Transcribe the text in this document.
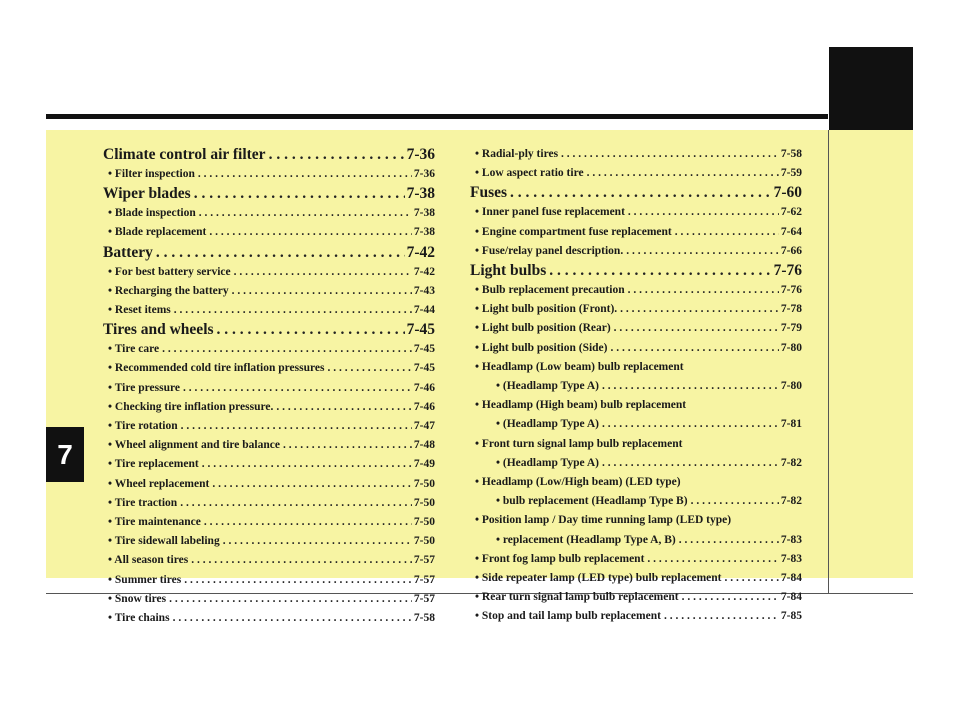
7
Climate control air filter . . .	7-36
• Filter inspection . . .	7-36
Wiper blades . . .	7-38
• Blade inspection . . .	7-38
• Blade replacement . . .	7-38
Battery . . .	7-42
• For best battery service . . .	7-42
• Recharging the battery . . .	7-43
• Reset items . . .	7-44
Tires and wheels . . .	7-45
• Tire care . . .	7-45
• Recommended cold tire inflation pressures . . .	7-45
• Tire pressure . . .	7-46
• Checking tire inflation pressure. . . .	7-46
• Tire rotation . . .	7-47
• Wheel alignment and tire balance . . .	7-48
• Tire replacement . . .	7-49
• Wheel replacement . . .	7-50
• Tire traction . . .	7-50
• Tire maintenance . . .	7-50
• Tire sidewall labeling . . .	7-50
• All season tires . . .	7-57
• Summer tires . . .	7-57
• Snow tires . . .	7-57
• Tire chains . . .	7-58
• Radial-ply tires . . .	7-58
• Low aspect ratio tire . . .	7-59
Fuses . . .	7-60
• Inner panel fuse replacement . . .	7-62
• Engine compartment fuse replacement . . .	7-64
• Fuse/relay panel description. . . .	7-66
Light bulbs . . .	7-76
• Bulb replacement precaution . . .	7-76
• Light bulb position (Front). . . .	7-78
• Light bulb position (Rear) . . .	7-79
• Light bulb position (Side) . . .	7-80
• Headlamp (Low beam) bulb replacement
• (Headlamp Type A) . . .	7-80
• Headlamp (High beam) bulb replacement
• (Headlamp Type A) . . .	7-81
• Front turn signal lamp bulb replacement
• (Headlamp Type A) . . .	7-82
• Headlamp (Low/High beam) (LED type)
• bulb replacement (Headlamp Type B) . . .	7-82
• Position lamp / Day time running lamp (LED type)
• replacement (Headlamp Type A, B) . . .	7-83
• Front fog lamp bulb replacement . . .	7-83
• Side repeater lamp (LED type) bulb replacement . . .	7-84
• Rear turn signal lamp bulb replacement . . .	7-84
• Stop and tail lamp bulb replacement . . .	7-85
